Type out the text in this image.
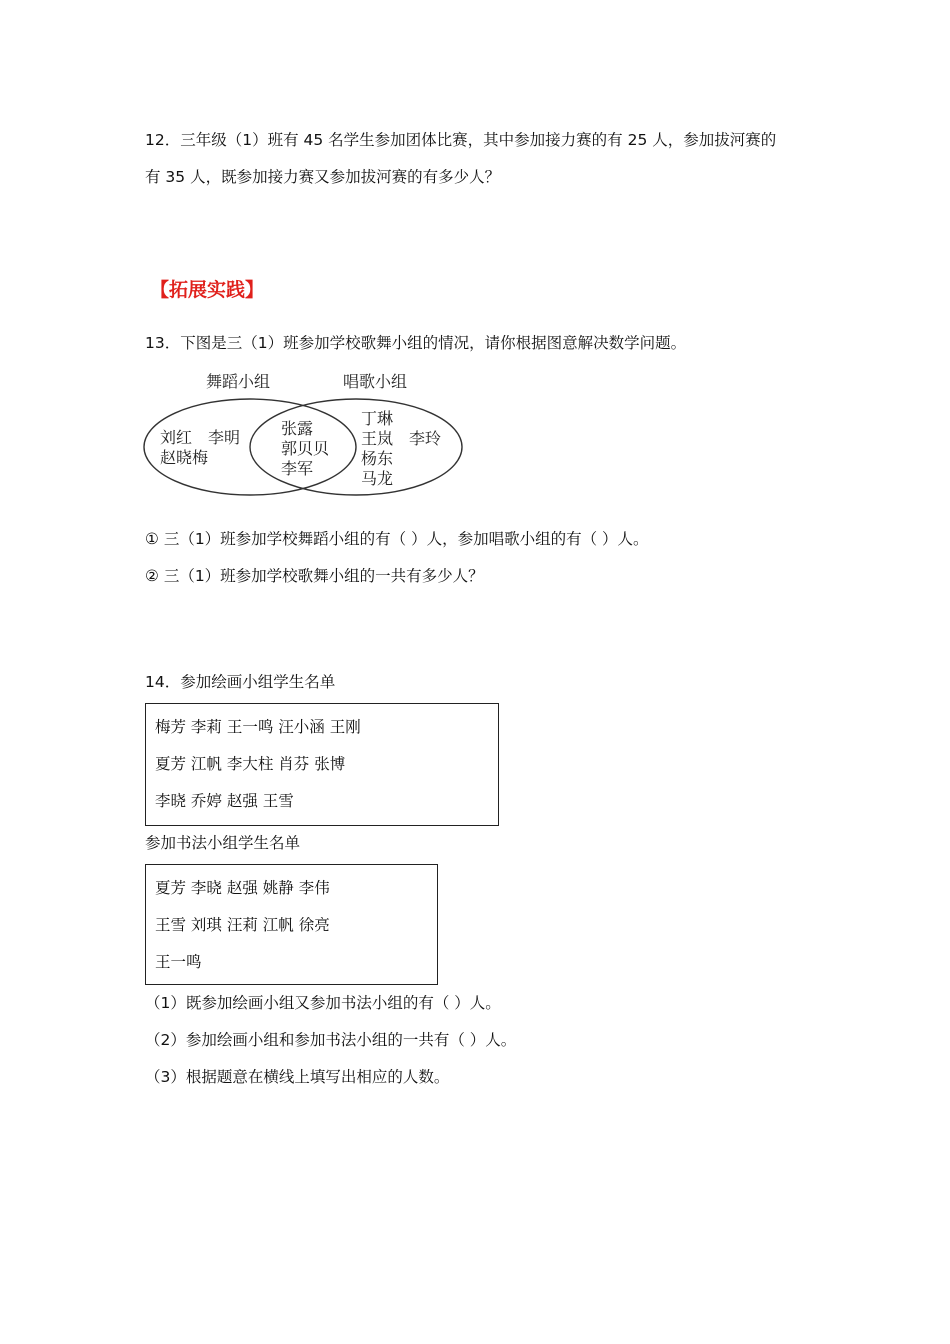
12．三年级（1）班有 45 名学生参加团体比赛，其中参加接力赛的有 25 人，参加拔河赛的
有 35 人，既参加接力赛又参加拔河赛的有多少人？
【拓展实践】
13．下图是三（1）班参加学校歌舞小组的情况，请你根据图意解决数学问题。
舞蹈小组	唱歌小组
刘红　李明
赵晓梅
张露
郭贝贝
李军
丁琳
王岚　李玲
杨东
马龙
① 三（1）班参加学校舞蹈小组的有（ ）人，参加唱歌小组的有（ ）人。
② 三（1）班参加学校歌舞小组的一共有多少人？
14．参加绘画小组学生名单
梅芳 李莉 王一鸣 汪小涵 王刚
夏芳 江帆 李大柱 肖芬 张博
李晓 乔婷 赵强 王雪
参加书法小组学生名单
夏芳 李晓 赵强 姚静 李伟
王雪 刘琪 汪莉 江帆 徐亮
王一鸣
（1）既参加绘画小组又参加书法小组的有（ ）人。
（2）参加绘画小组和参加书法小组的一共有（ ）人。
（3）根据题意在横线上填写出相应的人数。
